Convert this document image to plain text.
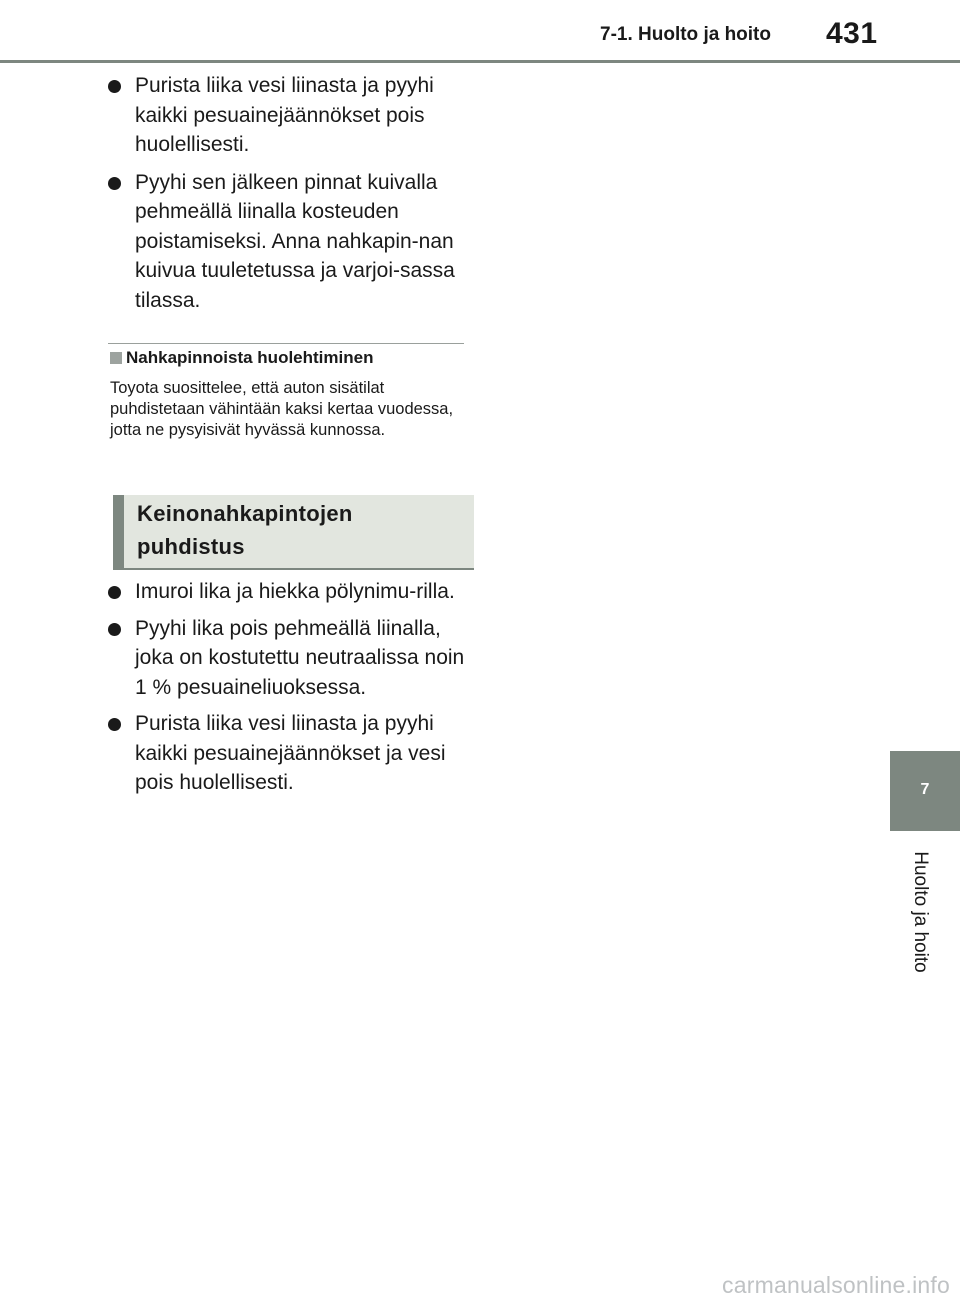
7-1. Huolto ja hoito 431
Purista liika vesi liinasta ja pyyhi kaikki pesuainejäännökset pois huolellisesti.
Pyyhi sen jälkeen pinnat kuivalla pehmeällä liinalla kosteuden poistamiseksi. Anna nahkapin-nan kuivua tuuletetussa ja varjoi-sassa tilassa.
Nahkapinnoista huolehtiminen
Toyota suosittelee, että auton sisätilat puhdistetaan vähintään kaksi kertaa vuodessa, jotta ne pysyisivät hyvässä kunnossa.
Keinonahkapintojen
puhdistus
Imuroi lika ja hiekka pölynimu-rilla.
Pyyhi lika pois pehmeällä liinalla, joka on kostutettu neutraalissa noin 1 % pesuaineliuoksessa.
Purista liika vesi liinasta ja pyyhi kaikki pesuainejäännökset ja vesi pois huolellisesti.	7
Huolto ja hoito
carmanualsonline.info
